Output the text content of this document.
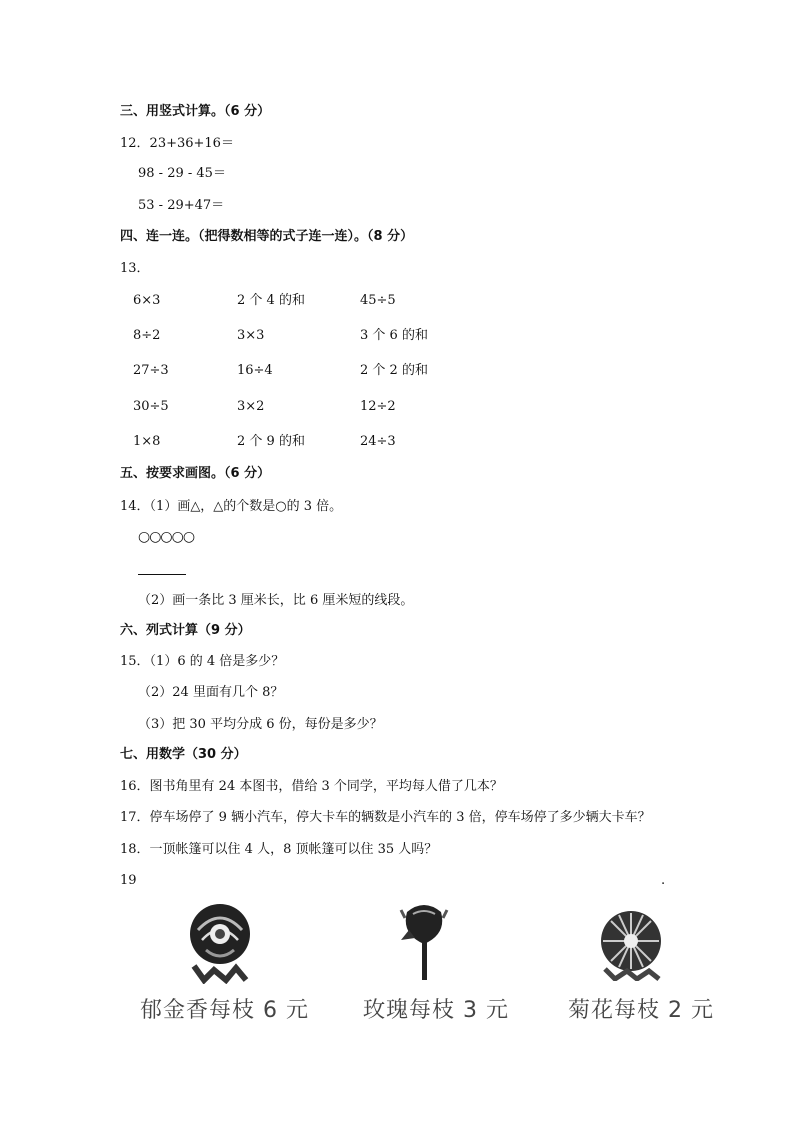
三、用竖式计算。（6 分）
12．23+36+16＝
98 - 29 - 45＝
53 - 29+47＝
四、连一连。（把得数相等的式子连一连）。（8 分）
13．
6×3	2 个 4 的和	45÷5
8÷2	3×3	3 个 6 的和
27÷3	16÷4	2 个 2 的和
30÷5	3×2	12÷2
1×8	2 个 9 的和	24÷3
五、按要求画图。（6 分）
14．（1）画△，△的个数是○的 3 倍。
○○○○○
（2）画一条比 3 厘米长，比 6 厘米短的线段。
六、列式计算（9 分）
15．（1）6 的 4 倍是多少？
（2）24 里面有几个 8？
（3）把 30 平均分成 6 份，每份是多少？
七、用数学（30 分）
16．图书角里有 24 本图书，借给 3 个同学，平均每人借了几本？
17．停车场停了 9 辆小汽车，停大卡车的辆数是小汽车的 3 倍，停车场停了多少辆大卡车？
18．一顶帐篷可以住 4 人，8 顶帐篷可以住 35 人吗？
19	.
郁金香每枝 6 元 玫瑰每枝 3 元	菊花每枝 2 元
